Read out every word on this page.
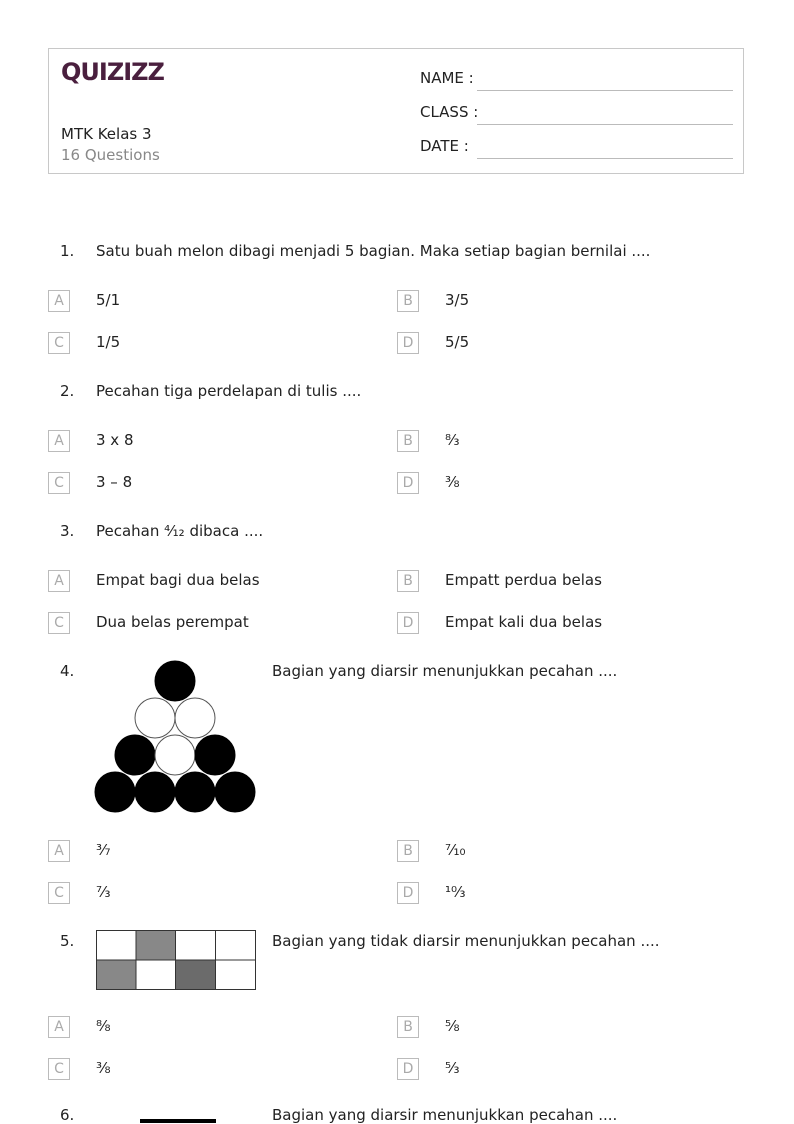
QUIZIZZ
MTK Kelas 3
16 Questions
NAME :
CLASS :
DATE :
1. Satu buah melon dibagi menjadi 5 bagian. Maka setiap bagian bernilai ....
A	5/1	B	3/5
C	1/5	D	5/5
2. Pecahan tiga perdelapan di tulis ....
A	3 x 8	B	⁸⁄₃
C	3 – 8	D	⅜
3. Pecahan ⁴⁄₁₂ dibaca ....
A	Empat bagi dua belas	B	Empatt perdua belas
C	Dua belas perempat	D	Empat kali dua belas
4.	Bagian yang diarsir menunjukkan pecahan ....
A	³⁄₇	B	⁷⁄₁₀
C	⁷⁄₃	D	¹⁰⁄₃
5.	Bagian yang tidak diarsir menunjukkan pecahan ....
A	⁸⁄₈	B	⅝
C	⅜	D	⁵⁄₃
6.	Bagian yang diarsir menunjukkan pecahan ....
